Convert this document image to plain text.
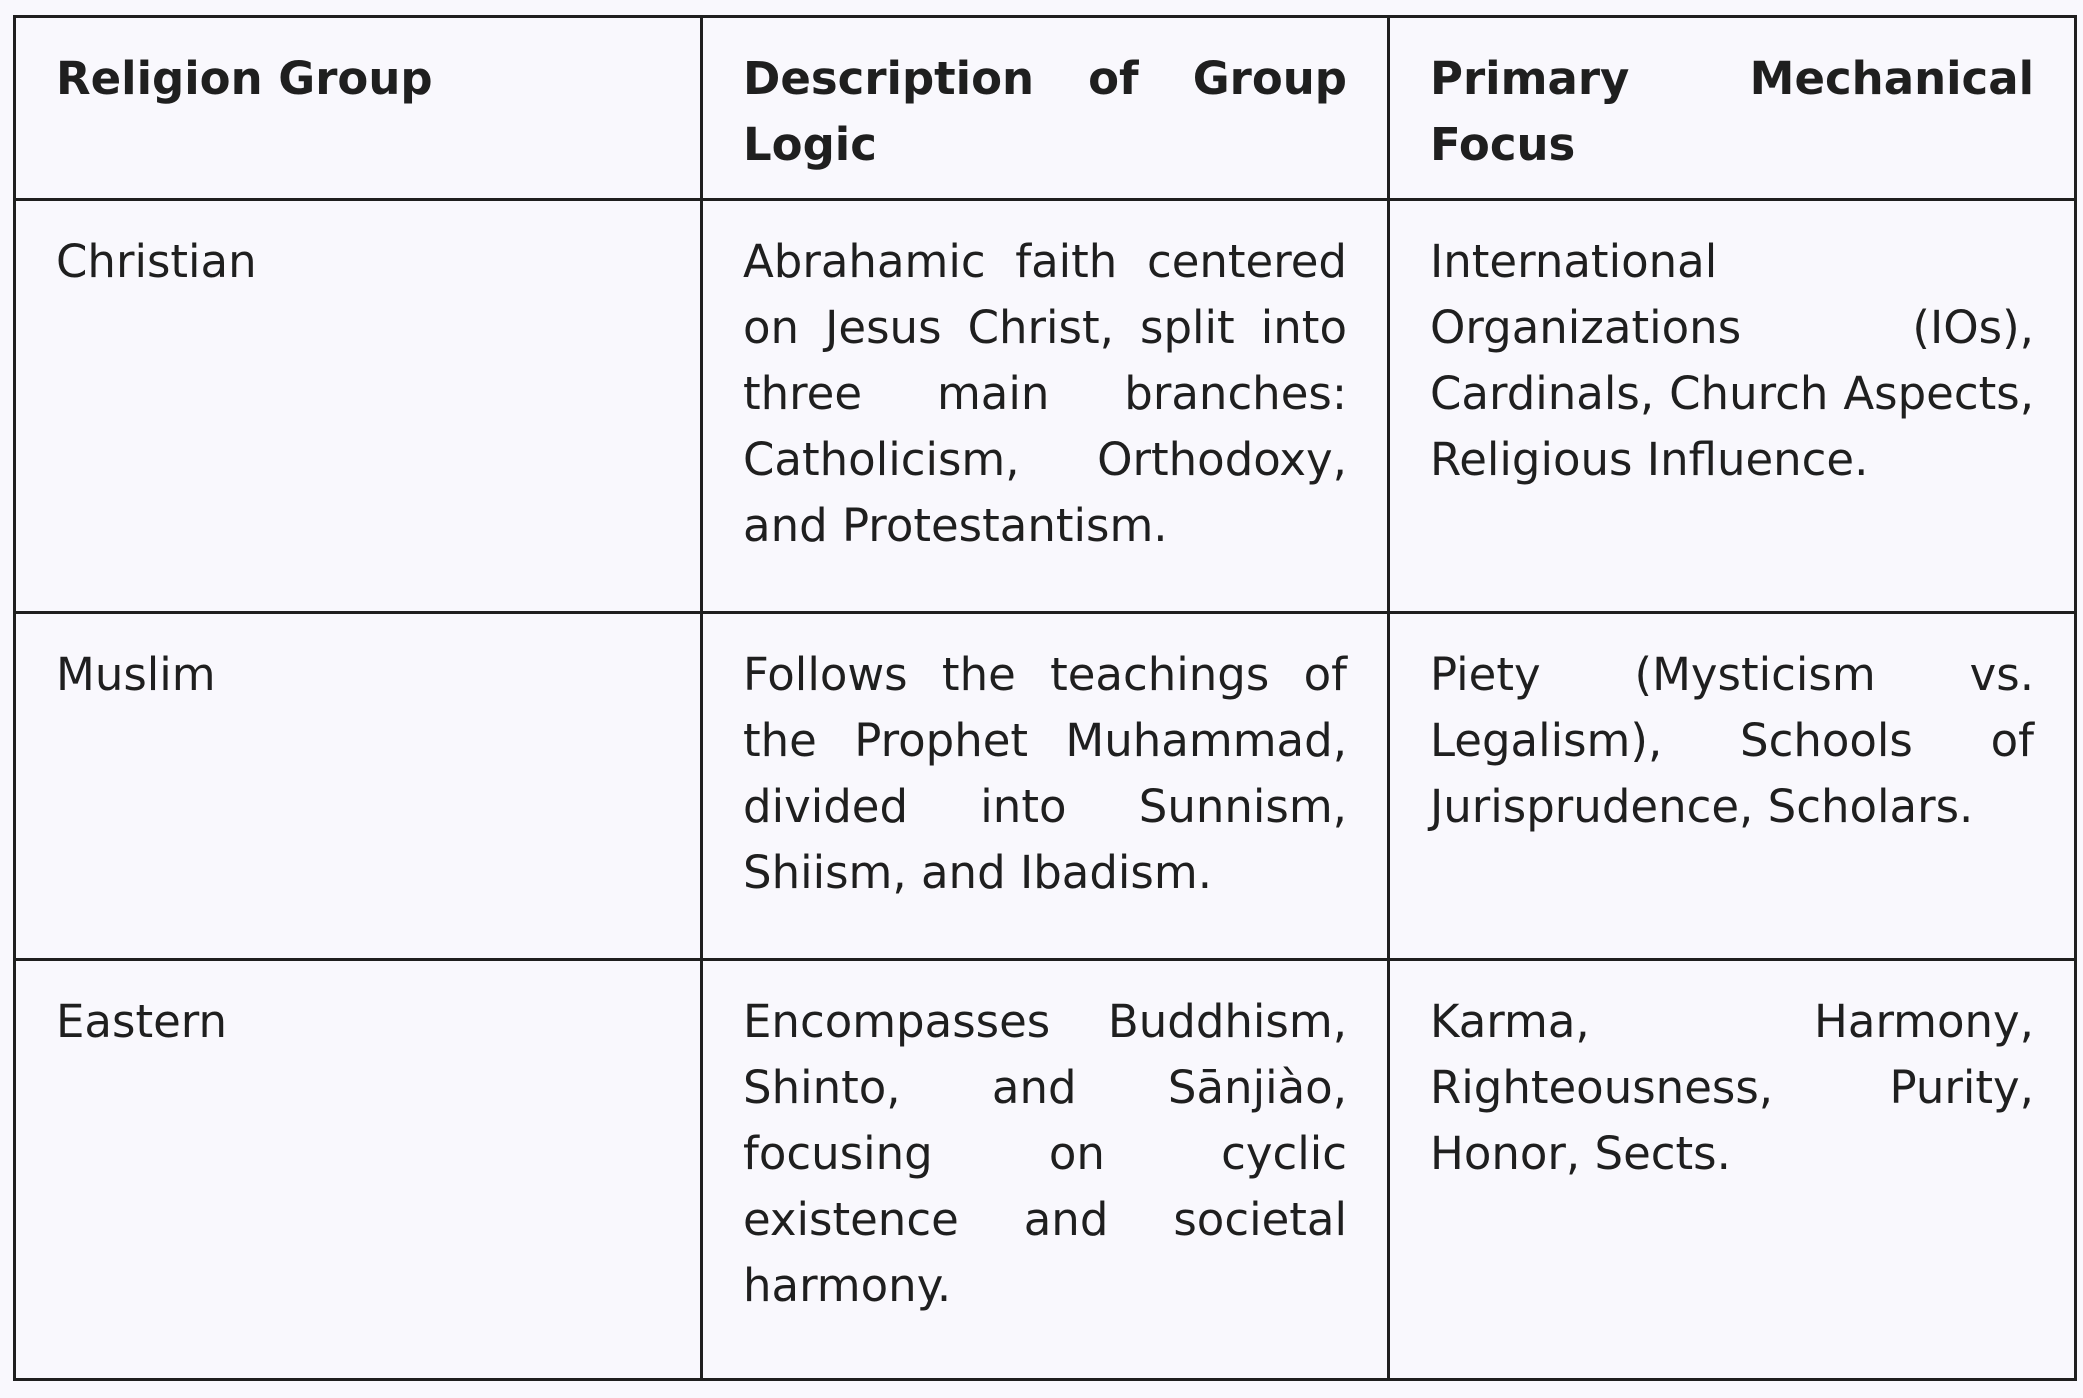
Religion Group	Description of Group Logic	Primary Mechanical Focus
Christian	Abrahamic faith centered on Jesus Christ, split into three main branches: Catholicism, Orthodoxy, and Protestantism.	International Organizations (IOs), Cardinals, Church Aspects, Religious Influence.
Muslim	Follows the teachings of the Prophet Muhammad, divided into Sunnism, Shiism, and Ibadism.	Piety (Mysticism vs. Legalism), Schools of Jurisprudence, Scholars.
Eastern	Encompasses Buddhism, Shinto, and Sānjiào, focusing on cyclic existence and societal harmony.	Karma, Harmony, Righteousness, Purity, Honor, Sects.
